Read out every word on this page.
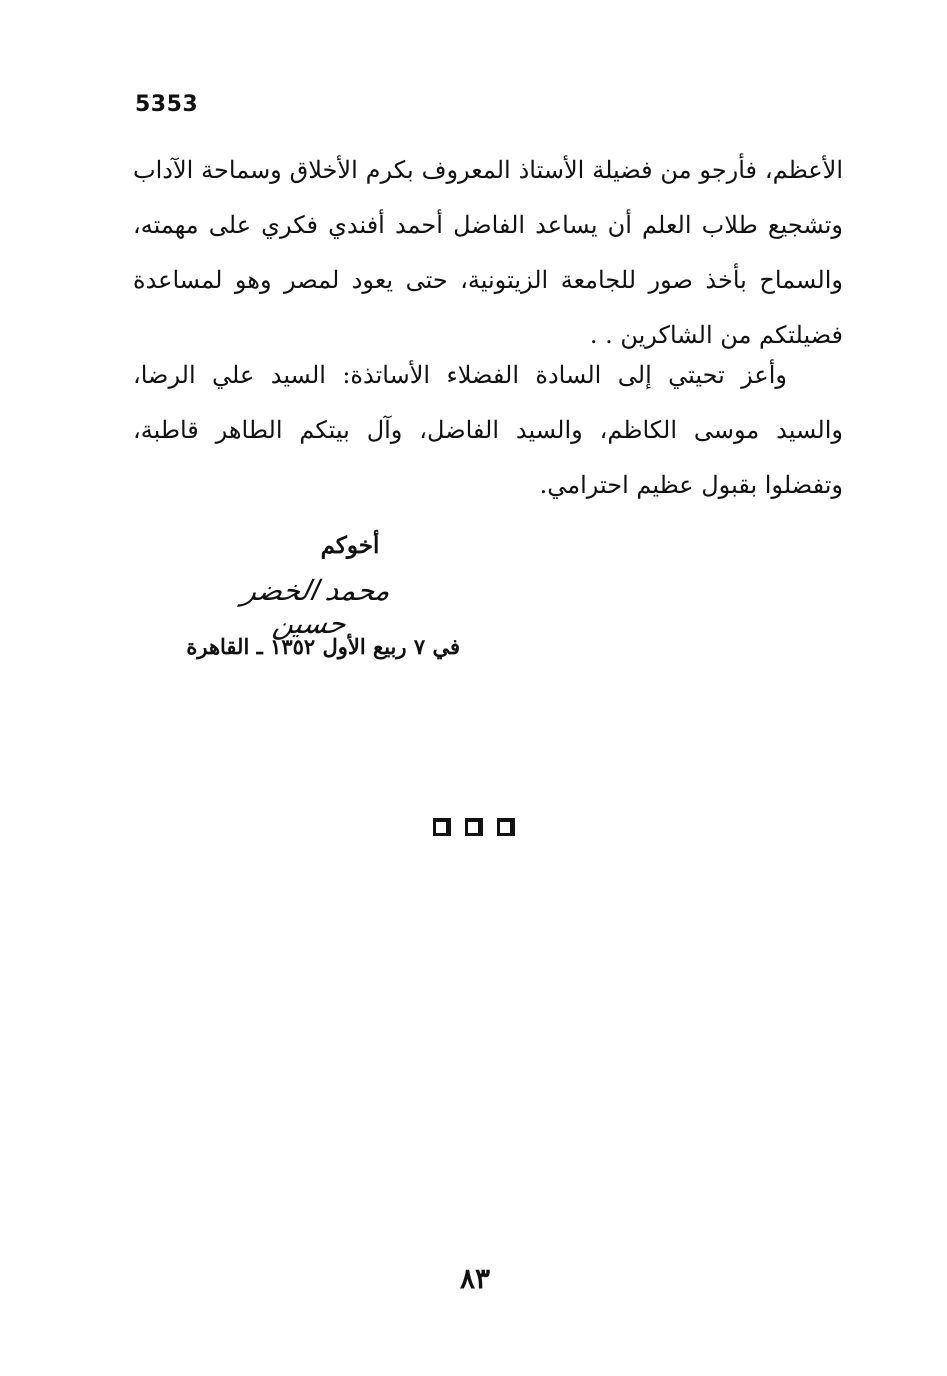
5353

الأعظم، فأرجو من فضيلة الأستاذ المعروف بكرم الأخلاق وسماحة الآداب وتشجيع طلاب العلم أن يساعد الفاضل أحمد أفندي فكري على مهمته، والسماح بأخذ صور للجامعة الزيتونية، حتى يعود لمصر وهو لمساعدة فضيلتكم من الشاكرين . .

وأعز تحيتي إلى السادة الفضلاء الأساتذة: السيد علي الرضا، والسيد موسى الكاظم، والسيد الفاضل، وآل بيتكم الطاهر قاطبة، وتفضلوا بقبول عظيم احترامي.

أخوكم
محمد الخضر حسين
في ٧ ربيع الأول ١٣٥٢ ـ القاهرة
٨٣
